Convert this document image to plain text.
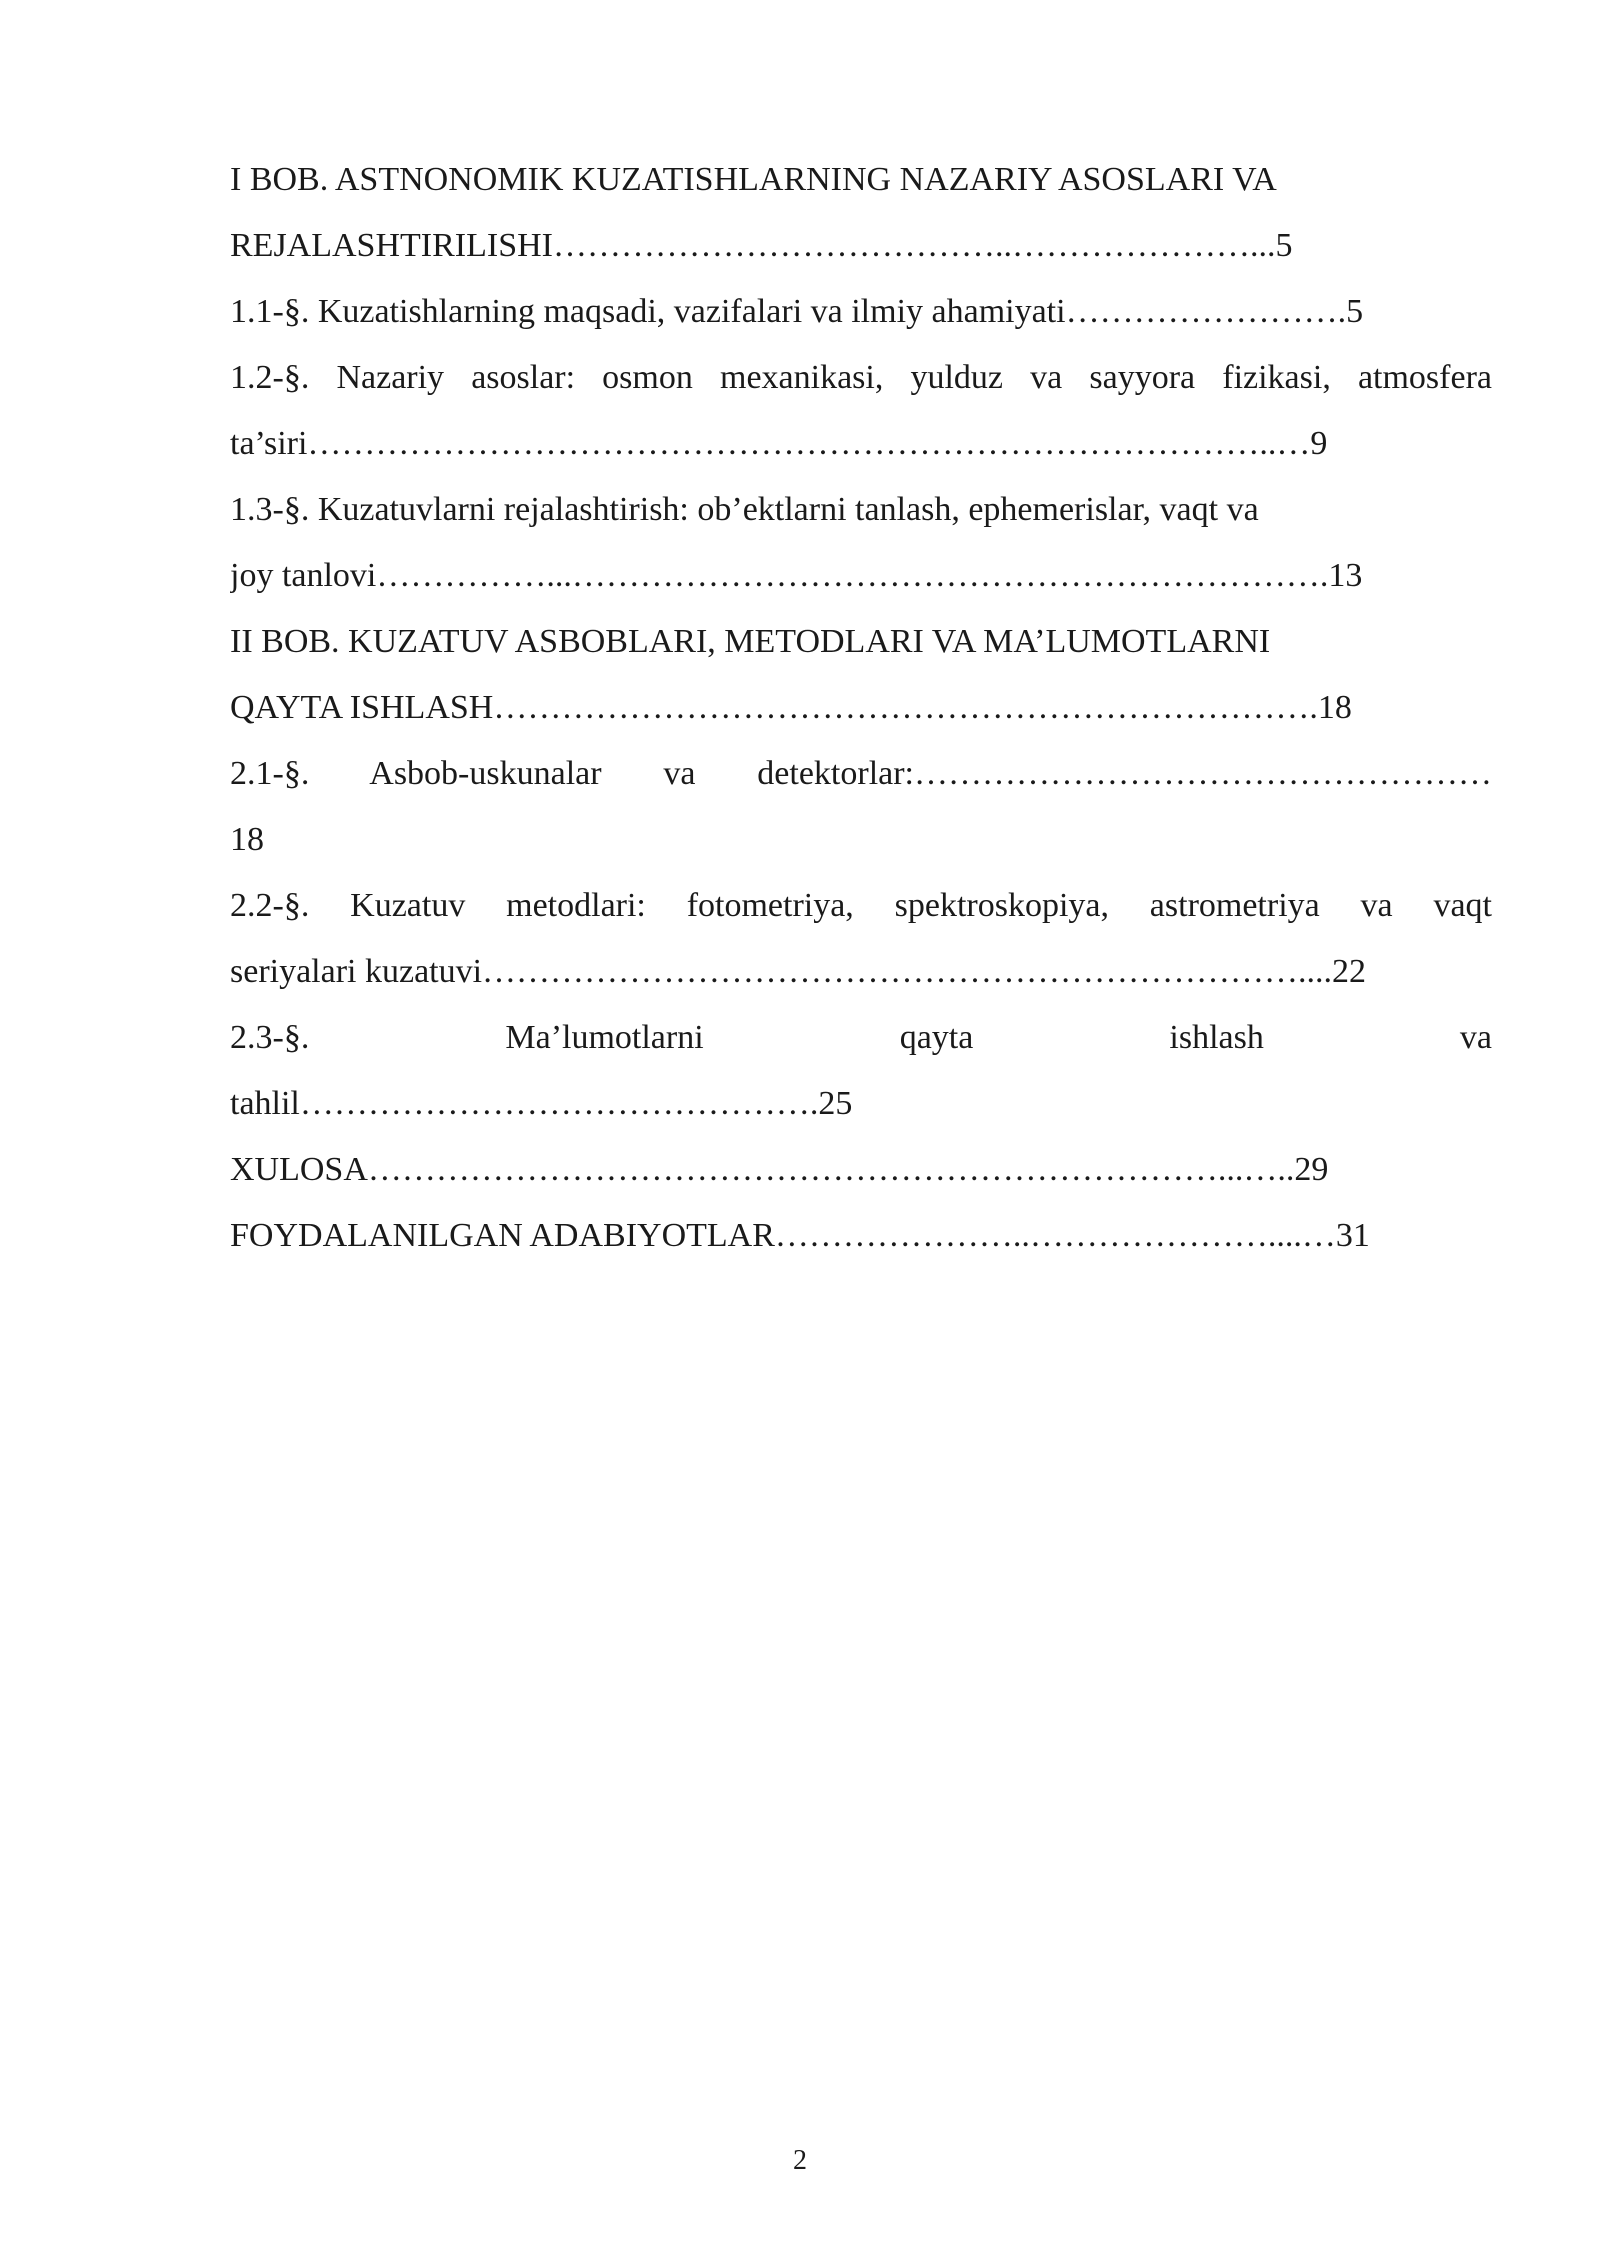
I BOB. ASTNONOMIK KUZATISHLARNING NAZARIY ASOSLARI VA
REJALASHTIRILISHI…………………………………..…………………...5
1.1-§. Kuzatishlarning maqsadi, vazifalari va ilmiy ahamiyati…………………….5
1.2-§. Nazariy asoslar: osmon mexanikasi, yulduz va sayyora fizikasi, atmosfera
ta’siri…………………………………………………………………………..…9
1.3-§. Kuzatuvlarni rejalashtirish: ob’ektlarni tanlash, ephemerislar, vaqt va
joy tanlovi……………...………………………………………………………….13
II BOB. KUZATUV ASBOBLARI, METODLARI VA MA’LUMOTLARNI
QAYTA ISHLASH……………………………………………………………….18
2.1-§. Asbob-uskunalar va detektorlar:……………………………………………
18
2.2-§. Kuzatuv metodlari: fotometriya, spektroskopiya, astrometriya va vaqt
seriyalari kuzatuvi………………………………………………………………....22
2.3-§. Ma’lumotlarni qayta ishlash va
tahlil……………………………………….25
XULOSA…………………………………………………………………...…..29
FOYDALANILGAN ADABIYOTLAR…………………..…………………....…31
2
